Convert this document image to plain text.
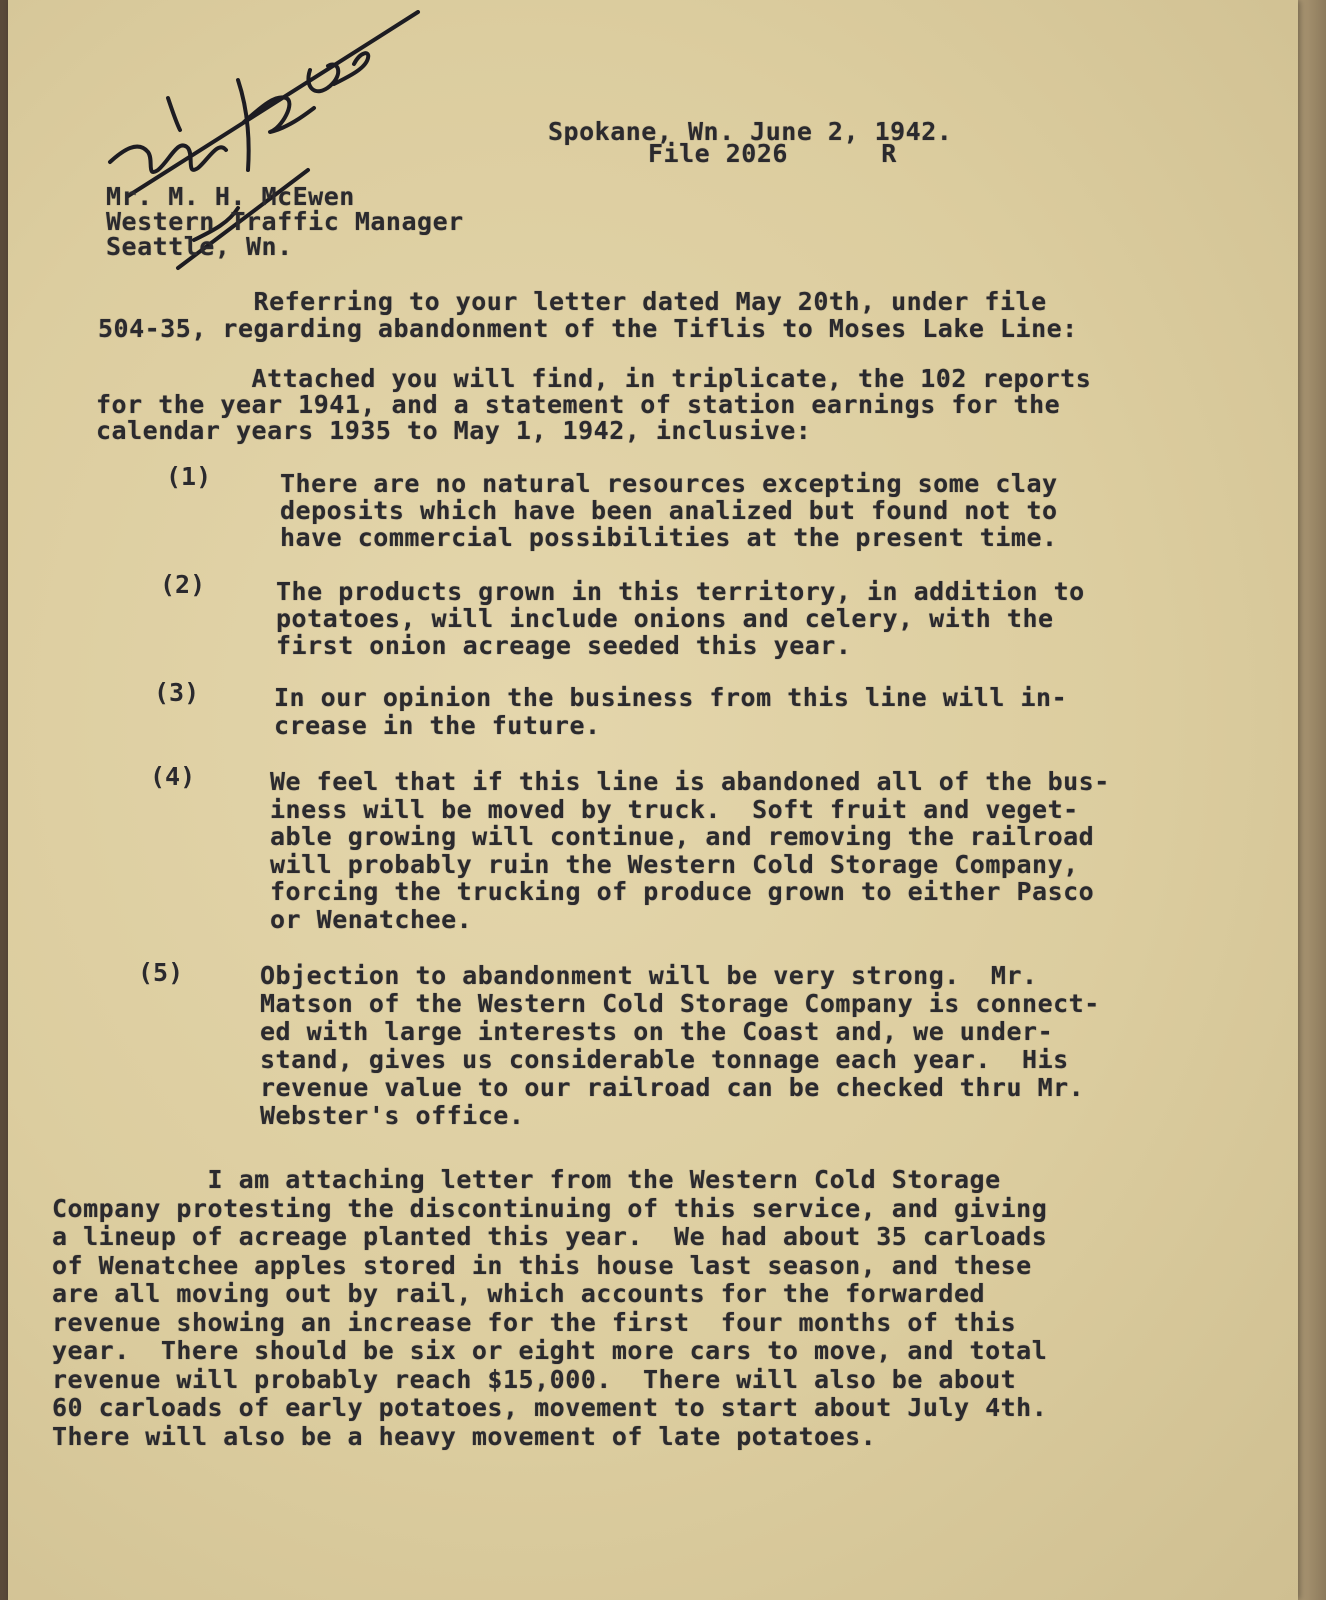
Spokane, Wn. June 2, 1942.
File 2026      R
Mr. M. H. McEwen
Western Traffic Manager
Seattle, Wn.
Referring to your letter dated May 20th, under file
504-35, regarding abandonment of the Tiflis to Moses Lake Line:
Attached you will find, in triplicate, the 102 reports
for the year 1941, and a statement of station earnings for the
calendar years 1935 to May 1, 1942, inclusive:
(1)	There are no natural resources excepting some clay
deposits which have been analized but found not to
have commercial possibilities at the present time.
(2)	The products grown in this territory, in addition to
potatoes, will include onions and celery, with the
first onion acreage seeded this year.
(3)	In our opinion the business from this line will in-
crease in the future.
(4)	We feel that if this line is abandoned all of the bus-
iness will be moved by truck.  Soft fruit and veget-
able growing will continue, and removing the railroad
will probably ruin the Western Cold Storage Company,
forcing the trucking of produce grown to either Pasco
or Wenatchee.
(5)	Objection to abandonment will be very strong.  Mr.
Matson of the Western Cold Storage Company is connect-
ed with large interests on the Coast and, we under-
stand, gives us considerable tonnage each year.  His
revenue value to our railroad can be checked thru Mr.
Webster's office.
I am attaching letter from the Western Cold Storage
Company protesting the discontinuing of this service, and giving
a lineup of acreage planted this year.  We had about 35 carloads
of Wenatchee apples stored in this house last season, and these
are all moving out by rail, which accounts for the forwarded
revenue showing an increase for the first  four months of this
year.  There should be six or eight more cars to move, and total
revenue will probably reach $15,000.  There will also be about
60 carloads of early potatoes, movement to start about July 4th.
There will also be a heavy movement of late potatoes.
